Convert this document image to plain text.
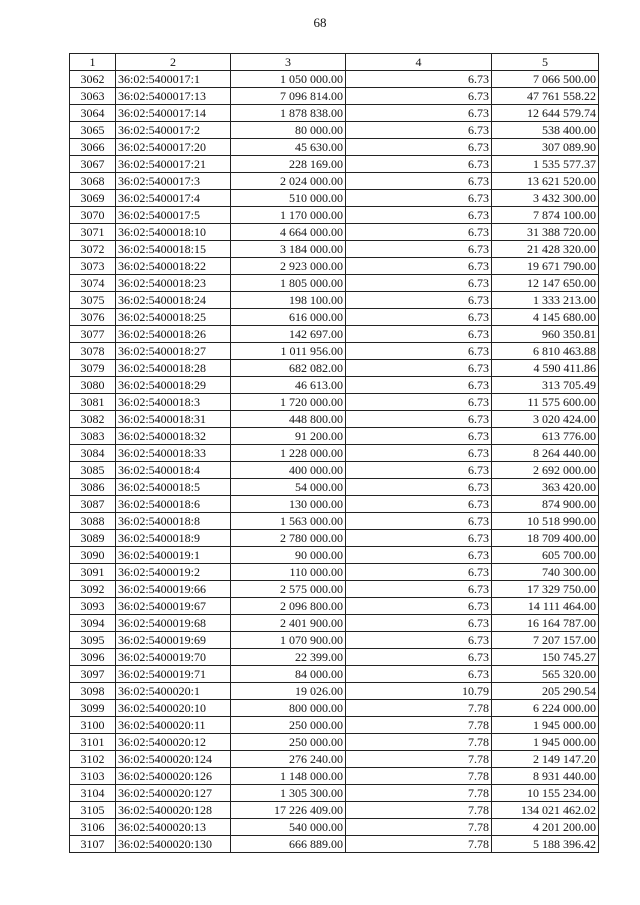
68
1	2	3	4	5
3062	36:02:5400017:1	1 050 000.00	6.73	7 066 500.00
3063	36:02:5400017:13	7 096 814.00	6.73	47 761 558.22
3064	36:02:5400017:14	1 878 838.00	6.73	12 644 579.74
3065	36:02:5400017:2	80 000.00	6.73	538 400.00
3066	36:02:5400017:20	45 630.00	6.73	307 089.90
3067	36:02:5400017:21	228 169.00	6.73	1 535 577.37
3068	36:02:5400017:3	2 024 000.00	6.73	13 621 520.00
3069	36:02:5400017:4	510 000.00	6.73	3 432 300.00
3070	36:02:5400017:5	1 170 000.00	6.73	7 874 100.00
3071	36:02:5400018:10	4 664 000.00	6.73	31 388 720.00
3072	36:02:5400018:15	3 184 000.00	6.73	21 428 320.00
3073	36:02:5400018:22	2 923 000.00	6.73	19 671 790.00
3074	36:02:5400018:23	1 805 000.00	6.73	12 147 650.00
3075	36:02:5400018:24	198 100.00	6.73	1 333 213.00
3076	36:02:5400018:25	616 000.00	6.73	4 145 680.00
3077	36:02:5400018:26	142 697.00	6.73	960 350.81
3078	36:02:5400018:27	1 011 956.00	6.73	6 810 463.88
3079	36:02:5400018:28	682 082.00	6.73	4 590 411.86
3080	36:02:5400018:29	46 613.00	6.73	313 705.49
3081	36:02:5400018:3	1 720 000.00	6.73	11 575 600.00
3082	36:02:5400018:31	448 800.00	6.73	3 020 424.00
3083	36:02:5400018:32	91 200.00	6.73	613 776.00
3084	36:02:5400018:33	1 228 000.00	6.73	8 264 440.00
3085	36:02:5400018:4	400 000.00	6.73	2 692 000.00
3086	36:02:5400018:5	54 000.00	6.73	363 420.00
3087	36:02:5400018:6	130 000.00	6.73	874 900.00
3088	36:02:5400018:8	1 563 000.00	6.73	10 518 990.00
3089	36:02:5400018:9	2 780 000.00	6.73	18 709 400.00
3090	36:02:5400019:1	90 000.00	6.73	605 700.00
3091	36:02:5400019:2	110 000.00	6.73	740 300.00
3092	36:02:5400019:66	2 575 000.00	6.73	17 329 750.00
3093	36:02:5400019:67	2 096 800.00	6.73	14 111 464.00
3094	36:02:5400019:68	2 401 900.00	6.73	16 164 787.00
3095	36:02:5400019:69	1 070 900.00	6.73	7 207 157.00
3096	36:02:5400019:70	22 399.00	6.73	150 745.27
3097	36:02:5400019:71	84 000.00	6.73	565 320.00
3098	36:02:5400020:1	19 026.00	10.79	205 290.54
3099	36:02:5400020:10	800 000.00	7.78	6 224 000.00
3100	36:02:5400020:11	250 000.00	7.78	1 945 000.00
3101	36:02:5400020:12	250 000.00	7.78	1 945 000.00
3102	36:02:5400020:124	276 240.00	7.78	2 149 147.20
3103	36:02:5400020:126	1 148 000.00	7.78	8 931 440.00
3104	36:02:5400020:127	1 305 300.00	7.78	10 155 234.00
3105	36:02:5400020:128	17 226 409.00	7.78	134 021 462.02
3106	36:02:5400020:13	540 000.00	7.78	4 201 200.00
3107	36:02:5400020:130	666 889.00	7.78	5 188 396.42
